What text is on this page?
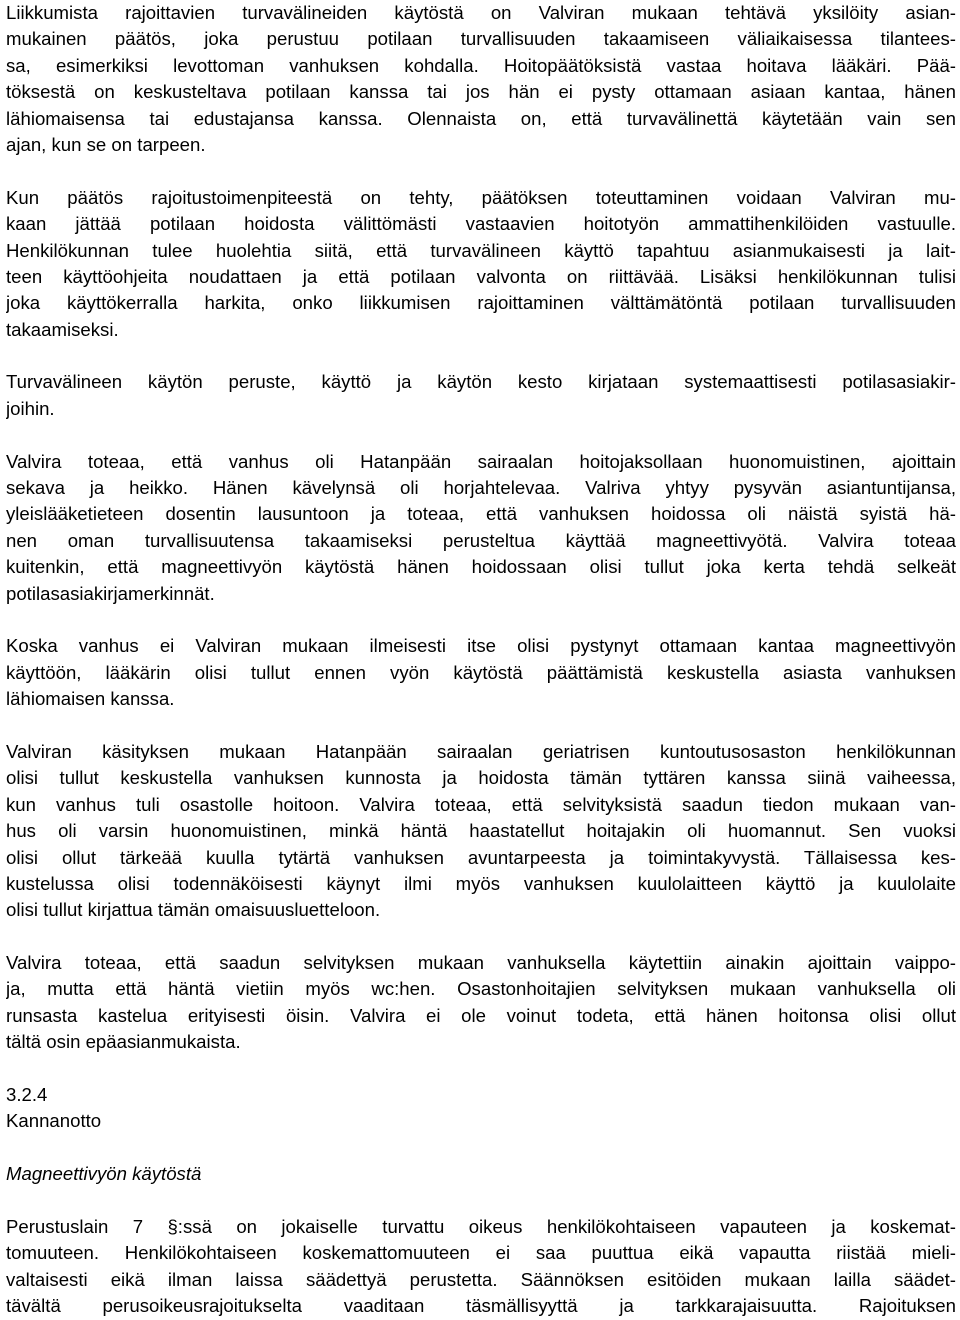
Liikkumista rajoittavien turvavälineiden käytöstä on Valviran mukaan tehtävä yksilöity asian-
mukainen päätös, joka perustuu potilaan turvallisuuden takaamiseen väliaikaisessa tilantees-
sa, esimerkiksi levottoman vanhuksen kohdalla. Hoitopäätöksistä vastaa hoitava lääkäri. Pää-
töksestä on keskusteltava potilaan kanssa tai jos hän ei pysty ottamaan asiaan kantaa, hänen
lähiomaisensa tai edustajansa kanssa. Olennaista on, että turvavälinettä käytetään vain sen
ajan, kun se on tarpeen.
Kun päätös rajoitustoimenpiteestä on tehty, päätöksen toteuttaminen voidaan Valviran mu-
kaan jättää potilaan hoidosta välittömästi vastaavien hoitotyön ammattihenkilöiden vastuulle.
Henkilökunnan tulee huolehtia siitä, että turvavälineen käyttö tapahtuu asianmukaisesti ja lait-
teen käyttöohjeita noudattaen ja että potilaan valvonta on riittävää. Lisäksi henkilökunnan tulisi
joka käyttökerralla harkita, onko liikkumisen rajoittaminen välttämätöntä potilaan turvallisuuden
takaamiseksi.
Turvavälineen käytön peruste, käyttö ja käytön kesto kirjataan systemaattisesti potilasasiakir-
joihin.
Valvira toteaa, että vanhus oli Hatanpään sairaalan hoitojaksollaan huonomuistinen, ajoittain
sekava ja heikko. Hänen kävelynsä oli horjahtelevaa. Valriva yhtyy pysyvän asiantuntijansa,
yleislääketieteen dosentin lausuntoon ja toteaa, että vanhuksen hoidossa oli näistä syistä hä-
nen oman turvallisuutensa takaamiseksi perusteltua käyttää magneettivyötä. Valvira toteaa
kuitenkin, että magneettivyön käytöstä hänen hoidossaan olisi tullut joka kerta tehdä selkeät
potilasasiakirjamerkinnät.
Koska vanhus ei Valviran mukaan ilmeisesti itse olisi pystynyt ottamaan kantaa magneettivyön
käyttöön, lääkärin olisi tullut ennen vyön käytöstä päättämistä keskustella asiasta vanhuksen
lähiomaisen kanssa.
Valviran käsityksen mukaan Hatanpään sairaalan geriatrisen kuntoutusosaston henkilökunnan
olisi tullut keskustella vanhuksen kunnosta ja hoidosta tämän tyttären kanssa siinä vaiheessa,
kun vanhus tuli osastolle hoitoon. Valvira toteaa, että selvityksistä saadun tiedon mukaan van-
hus oli varsin huonomuistinen, minkä häntä haastatellut hoitajakin oli huomannut. Sen vuoksi
olisi ollut tärkeää kuulla tytärtä vanhuksen avuntarpeesta ja toimintakyvystä. Tällaisessa kes-
kustelussa olisi todennäköisesti käynyt ilmi myös vanhuksen kuulolaitteen käyttö ja kuulolaite
olisi tullut kirjattua tämän omaisuusluetteloon.
Valvira toteaa, että saadun selvityksen mukaan vanhuksella käytettiin ainakin ajoittain vaippo-
ja, mutta että häntä vietiin myös wc:hen. Osastonhoitajien selvityksen mukaan vanhuksella oli
runsasta kastelua erityisesti öisin. Valvira ei ole voinut todeta, että hänen hoitonsa olisi ollut
tältä osin epäasianmukaista.
3.2.4
Kannanotto
Magneettivyön käytöstä
Perustuslain 7 §:ssä on jokaiselle turvattu oikeus henkilökohtaiseen vapauteen ja koskemat-
tomuuteen. Henkilökohtaiseen koskemattomuuteen ei saa puuttua eikä vapautta riistää mieli-
valtaisesti eikä ilman laissa säädettyä perustetta. Säännöksen esitöiden mukaan laillа säädet-
tävältä perusoikeusrajoitukselta vaaditaan täsmällisyyttä ja tarkkarajaisuutta. Rajoituksen
